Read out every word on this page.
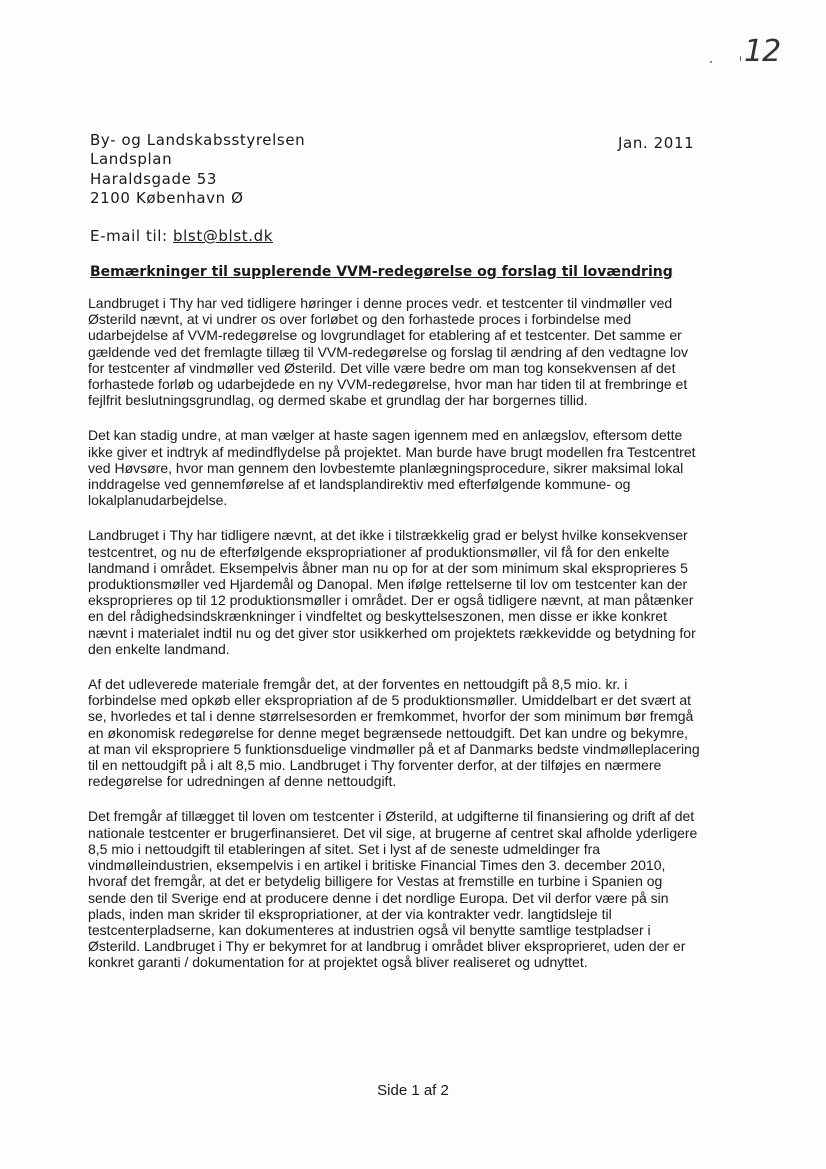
12
By- og Landskabsstyrelsen
Landsplan
Haraldsgade 53
2100 København Ø
Jan. 2011
E-mail til: blst@blst.dk
Bemærkninger til supplerende VVM-redegørelse og forslag til lovændring
Landbruget i Thy har ved tidligere høringer i denne proces vedr. et testcenter til vindmøller ved
Østerild nævnt, at vi undrer os over forløbet og den forhastede proces i forbindelse med
udarbejdelse af VVM-redegørelse og lovgrundlaget for etablering af et testcenter. Det samme er
gældende ved det fremlagte tillæg til VVM-redegørelse og forslag til ændring af den vedtagne lov
for testcenter af vindmøller ved Østerild. Det ville være bedre om man tog konsekvensen af det
forhastede forløb og udarbejdede en ny VVM-redegørelse, hvor man har tiden til at frembringe et
fejlfrit beslutningsgrundlag, og dermed skabe et grundlag der har borgernes tillid.
Det kan stadig undre, at man vælger at haste sagen igennem med en anlægslov, eftersom dette
ikke giver et indtryk af medindflydelse på projektet. Man burde have brugt modellen fra Testcentret
ved Høvsøre, hvor man gennem den lovbestemte planlægningsprocedure, sikrer maksimal lokal
inddragelse ved gennemførelse af et landsplandirektiv med efterfølgende kommune- og
lokalplanudarbejdelse.
Landbruget i Thy har tidligere nævnt, at det ikke i tilstrækkelig grad er belyst hvilke konsekvenser
testcentret, og nu de efterfølgende ekspropriationer af produktionsmøller, vil få for den enkelte
landmand i området. Eksempelvis åbner man nu op for at der som minimum skal eksproprieres 5
produktionsmøller ved Hjardemål og Danopal. Men ifølge rettelserne til lov om testcenter kan der
eksproprieres op til 12 produktionsmøller i området. Der er også tidligere nævnt, at man påtænker
en del rådighedsindskrænkninger i vindfeltet og beskyttelseszonen, men disse er ikke konkret
nævnt i materialet indtil nu og det giver stor usikkerhed om projektets rækkevidde og betydning for
den enkelte landmand.
Af det udleverede materiale fremgår det, at der forventes en nettoudgift på 8,5 mio. kr. i
forbindelse med opkøb eller ekspropriation af de 5 produktionsmøller. Umiddelbart er det svært at
se, hvorledes et tal i denne størrelsesorden er fremkommet, hvorfor der som minimum bør fremgå
en økonomisk redegørelse for denne meget begrænsede nettoudgift. Det kan undre og bekymre,
at man vil ekspropriere 5 funktionsduelige vindmøller på et af Danmarks bedste vindmølleplacering
til en nettoudgift på i alt 8,5 mio. Landbruget i Thy forventer derfor, at der tilføjes en nærmere
redegørelse for udredningen af denne nettoudgift.
Det fremgår af tillægget til loven om testcenter i Østerild, at udgifterne til finansiering og drift af det
nationale testcenter er brugerfinansieret. Det vil sige, at brugerne af centret skal afholde yderligere
8,5 mio i nettoudgift til etableringen af sitet. Set i lyst af de seneste udmeldinger fra
vindmølleindustrien, eksempelvis i en artikel i britiske Financial Times den 3. december 2010,
hvoraf det fremgår, at det er betydelig billigere for Vestas at fremstille en turbine i Spanien og
sende den til Sverige end at producere denne i det nordlige Europa. Det vil derfor være på sin
plads, inden man skrider til ekspropriationer, at der via kontrakter vedr. langtidsleje til
testcenterpladserne, kan dokumenteres at industrien også vil benytte samtlige testpladser i
Østerild. Landbruget i Thy er bekymret for at landbrug i området bliver eksproprieret, uden der er
konkret garanti / dokumentation for at projektet også bliver realiseret og udnyttet.
Side 1 af 2
